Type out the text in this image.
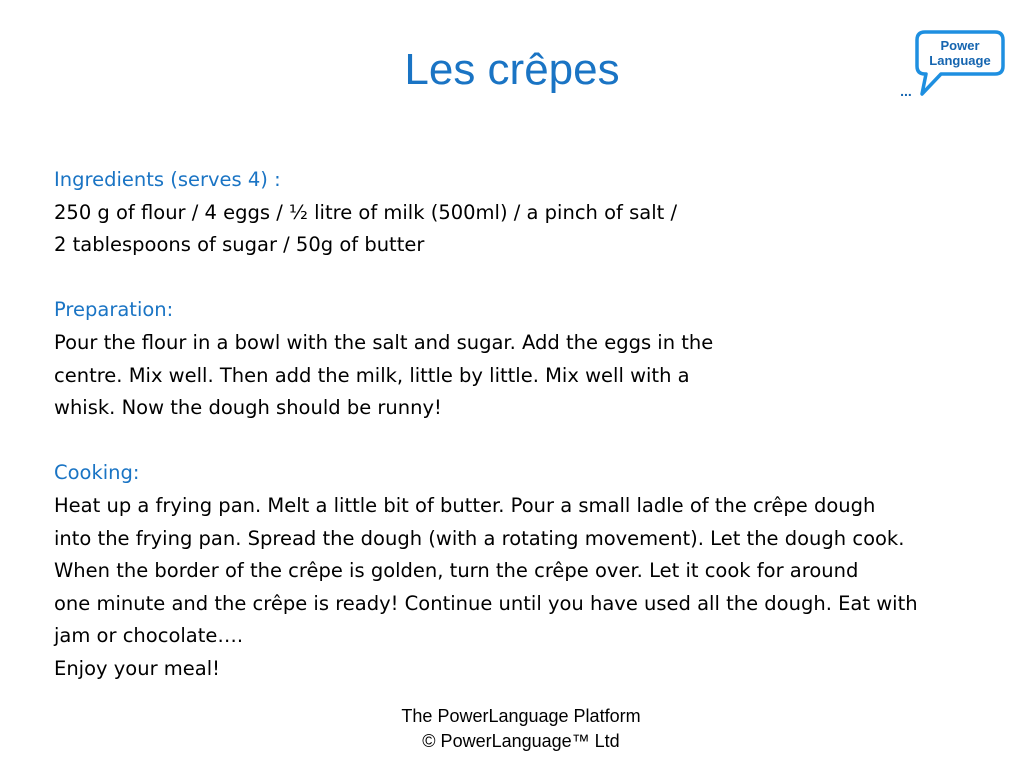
Les crêpes	Power
Language
...
Ingredients (serves 4) :
250 g of flour / 4 eggs / ½ litre of milk (500ml) / a pinch of salt /
2 tablespoons of sugar / 50g of butter
Preparation:
Pour the flour in a bowl with the salt and sugar. Add the eggs in the
centre. Mix well. Then add the milk, little by little. Mix well with a
whisk. Now the dough should be runny!
Cooking:
Heat up a frying pan. Melt a little bit of butter. Pour a small ladle of the crêpe dough
into the frying pan. Spread the dough (with a rotating movement). Let the dough cook.
When the border of the crêpe is golden, turn the crêpe over. Let it cook for around
one minute and the crêpe is ready! Continue until you have used all the dough. Eat with
jam or chocolate….
Enjoy your meal!
The PowerLanguage Platform
© PowerLanguage™ Ltd
